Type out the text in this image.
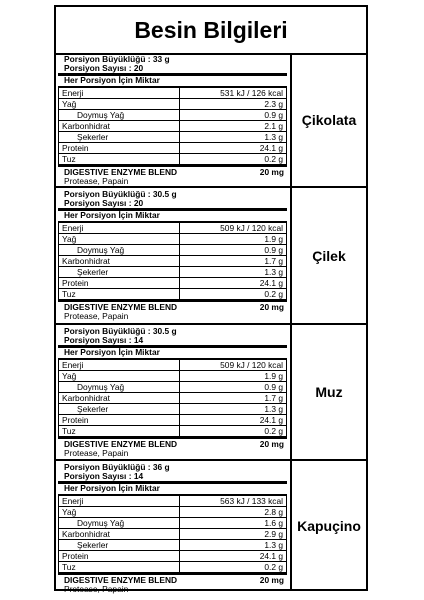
Besin Bilgileri
Porsiyon Büyüklüğü : 33 g
Porsiyon Sayısı : 20
Her Porsiyon İçin Miktar
Enerji	531 kJ / 126 kcal
Yağ	2.3 g
Doymuş Yağ	0.9 g
Karbonhidrat	2.1 g
Şekerler	1.3 g
Protein	24.1 g
Tuz	0.2 g
DIGESTIVE ENZYME BLEND	20 mg
Protease, Papain
Çikolata
Porsiyon Büyüklüğü : 30.5 g
Porsiyon Sayısı : 20
Her Porsiyon İçin Miktar
Enerji	509 kJ / 120 kcal
Yağ	1.9 g
Doymuş Yağ	0.9 g
Karbonhidrat	1.7 g
Şekerler	1.3 g
Protein	24.1 g
Tuz	0.2 g
DIGESTIVE ENZYME BLEND	20 mg
Protease, Papain
Çilek
Porsiyon Büyüklüğü : 30.5 g
Porsiyon Sayısı : 14
Her Porsiyon İçin Miktar
Enerji	509 kJ / 120 kcal
Yağ	1.9 g
Doymuş Yağ	0.9 g
Karbonhidrat	1.7 g
Şekerler	1.3 g
Protein	24.1 g
Tuz	0.2 g
DIGESTIVE ENZYME BLEND	20 mg
Protease, Papain
Muz
Porsiyon Büyüklüğü : 36 g
Porsiyon Sayısı : 14
Her Porsiyon İçin Miktar
Enerji	563 kJ / 133 kcal
Yağ	2.8 g
Doymuş Yağ	1.6 g
Karbonhidrat	2.9 g
Şekerler	1.3 g
Protein	24.1 g
Tuz	0.2 g
DIGESTIVE ENZYME BLEND	20 mg
Protease, Papain
Kapuçino
